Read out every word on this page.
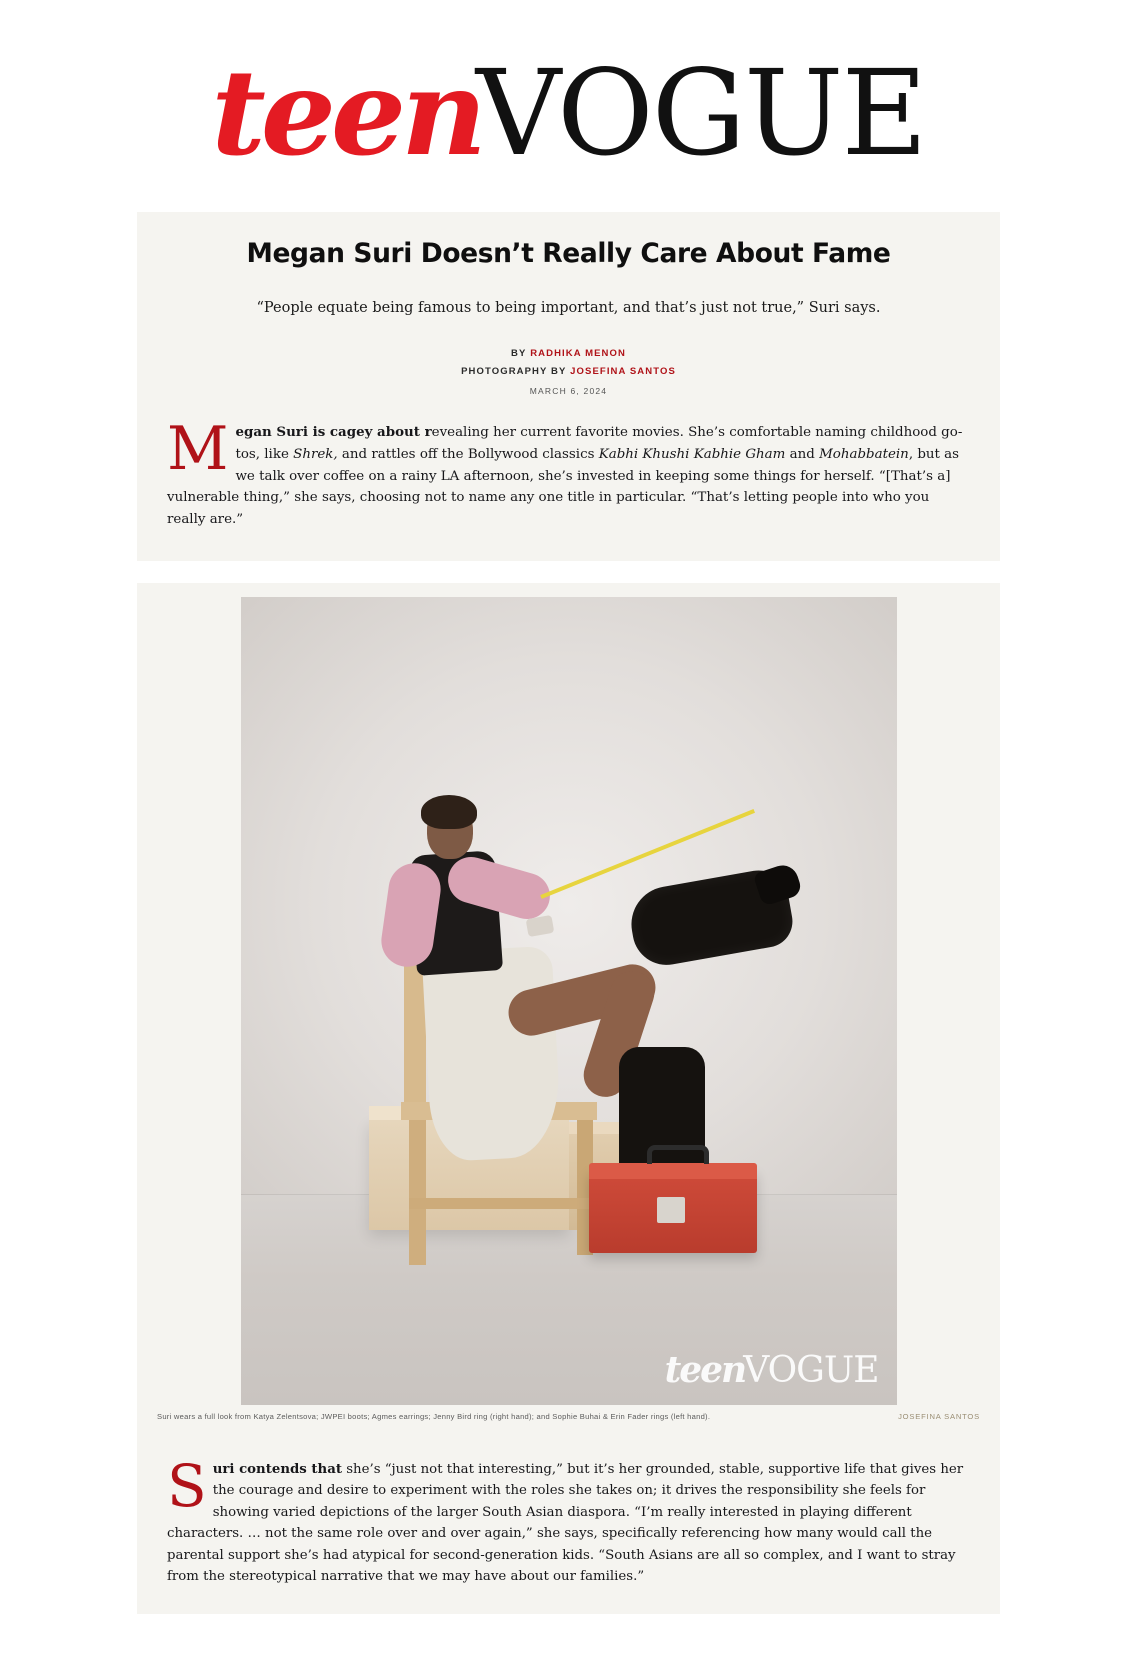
teenVOGUE
Megan Suri Doesn’t Really Care About Fame

“People equate being famous to being important, and that’s just not true,” Suri says.

BY RADHIKA MENON
PHOTOGRAPHY BY JOSEFINA SANTOS
MARCH 6, 2024

Megan Suri is cagey about revealing her current favorite movies. She’s comfortable naming childhood go-tos, like Shrek, and rattles off the Bollywood classics Kabhi Khushi Kabhie Gham and Mohabbatein, but as we talk over coffee on a rainy LA afternoon, she’s invested in keeping some things for herself. “[That’s a] vulnerable thing,” she says, choosing not to name any one title in particular. “That’s letting people into who you really are.”

teenVOGUE
Suri wears a full look from Katya Zelentsova; JWPEI boots; Agmes earrings; Jenny Bird ring (right hand); and Sophie Buhai & Erin Fader rings (left hand).	JOSEFINA SANTOS

Suri contends that she’s “just not that interesting,” but it’s her grounded, stable, supportive life that gives her the courage and desire to experiment with the roles she takes on; it drives the responsibility she feels for showing varied depictions of the larger South Asian diaspora. “I’m really interested in playing different characters. … not the same role over and over again,” she says, specifically referencing how many would call the parental support she’s had atypical for second-generation kids. “South Asians are all so complex, and I want to stray from the stereotypical narrative that we may have about our families.”
